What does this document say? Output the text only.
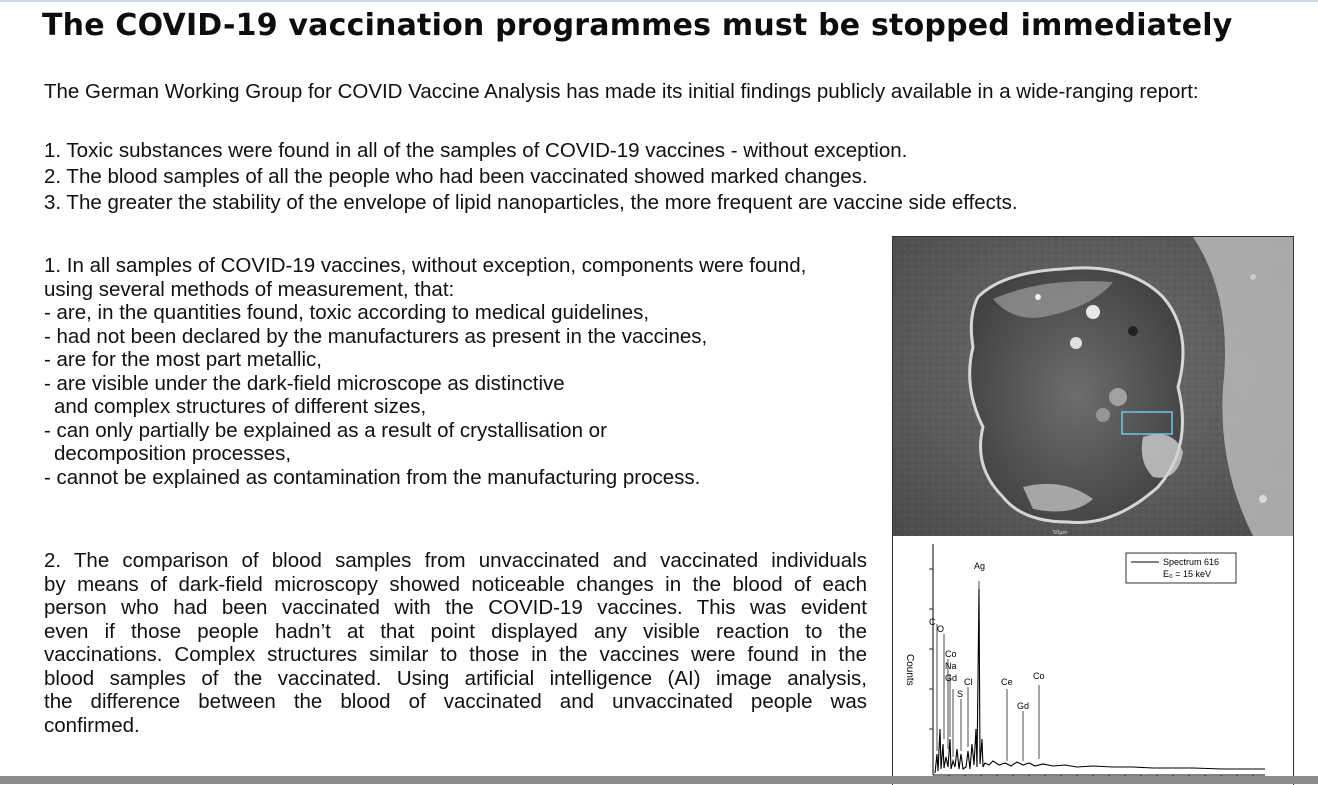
The COVID-19 vaccination programmes must be stopped immediately
The German Working Group for COVID Vaccine Analysis has made its initial findings publicly available in a wide-ranging report:
1. Toxic substances were found in all of the samples of COVID-19 vaccines - without exception.
2. The blood samples of all the people who had been vaccinated showed marked changes.
3. The greater the stability of the envelope of lipid nanoparticles, the more frequent are vaccine side effects.
1. In all samples of COVID-19 vaccines, without exception, components were found,
using several methods of measurement, that:
- are, in the quantities found, toxic according to medical guidelines,
- had not been declared by the manufacturers as present in the vaccines,
- are for the most part metallic,
- are visible under the dark-field microscope as distinctive
and complex structures of different sizes,
- can only partially be explained as a result of crystallisation or
decomposition processes,
- cannot be explained as contamination from the manufacturing process.
2. The comparison of blood samples from unvaccinated and vaccinated individuals
by means of dark-field microscopy showed noticeable changes in the blood of each
person who had been vaccinated with the COVID-19 vaccines. This was evident
even if those people hadn’t at that point displayed any visible reaction to the
vaccinations. Complex structures similar to those in the vaccines were found in the
blood samples of the vaccinated. Using artificial intelligence (AI) image analysis,
the difference between the blood of vaccinated and unvaccinated people was
confirmed.
50µm
Counts
Ag
C
O
Co
Na
Gd Cl
S
Ce
Co
Gd
Spectrum 616
E₀ = 15 keV
